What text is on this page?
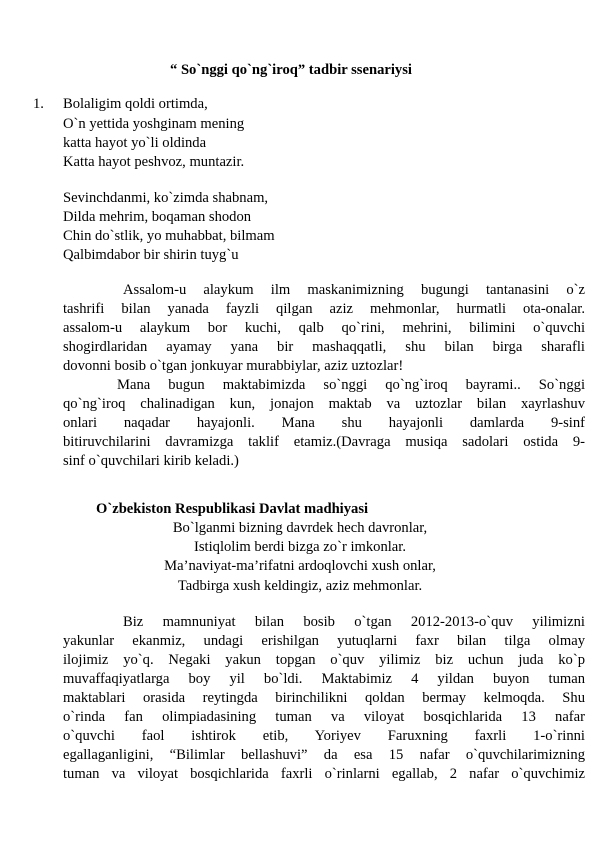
“ So`nggi qo`ng`iroq” tadbir ssenariysi
1. Bolaligim qoldi ortimda,
O`n yettida yoshginam mening
katta hayot yo`li oldinda
Katta hayot peshvoz, muntazir.
Sevinchdanmi, ko`zimda shabnam,
Dilda mehrim, boqaman shodon
Chin do`stlik, yo muhabbat, bilmam
Qalbimdabor bir shirin tuyg`u
Assalom-u alaykum ilm maskanimizning bugungi tantanasini o`z
tashrifi bilan yanada fayzli qilgan aziz mehmonlar, hurmatli ota-onalar.
assalom-u alaykum bor kuchi, qalb qo`rini, mehrini, bilimini o`quvchi
shogirdlaridan ayamay yana bir mashaqqatli, shu bilan birga sharafli
dovonni bosib o`tgan jonkuyar murabbiylar, aziz uztozlar!
Mana bugun maktabimizda so`nggi qo`ng`iroq bayrami.. So`nggi
qo`ng`iroq chalinadigan kun, jonajon maktab va uztozlar bilan xayrlashuv
onlari naqadar hayajonli. Mana shu hayajonli damlarda 9-sinf
bitiruvchilarini davramizga taklif etamiz.(Davraga musiqa sadolari ostida 9-
sinf o`quvchilari kirib keladi.)
O`zbekiston Respublikasi Davlat madhiyasi
Bo`lganmi bizning davrdek hech davronlar,
Istiqlolim berdi bizga zo`r imkonlar.
Ma’naviyat-ma’rifatni ardoqlovchi xush onlar,
Tadbirga xush keldingiz, aziz mehmonlar.
Biz mamnuniyat bilan bosib o`tgan 2012-2013-o`quv yilimizni
yakunlar ekanmiz, undagi erishilgan yutuqlarni faxr bilan tilga olmay
ilojimiz yo`q. Negaki yakun topgan o`quv yilimiz biz uchun juda ko`p
muvaffaqiyatlarga boy yil bo`ldi. Maktabimiz 4 yildan buyon tuman
maktablari orasida reytingda birinchilikni qoldan bermay kelmoqda. Shu
o`rinda fan olimpiadasining tuman va viloyat bosqichlarida 13 nafar
o`quvchi faol ishtirok etib, Yoriyev Faruxning faxrli 1-o`rinni
egallaganligini, “Bilimlar bellashuvi” da esa 15 nafar o`quvchilarimizning
tuman va viloyat bosqichlarida faxrli o`rinlarni egallab, 2 nafar o`quvchimiz
